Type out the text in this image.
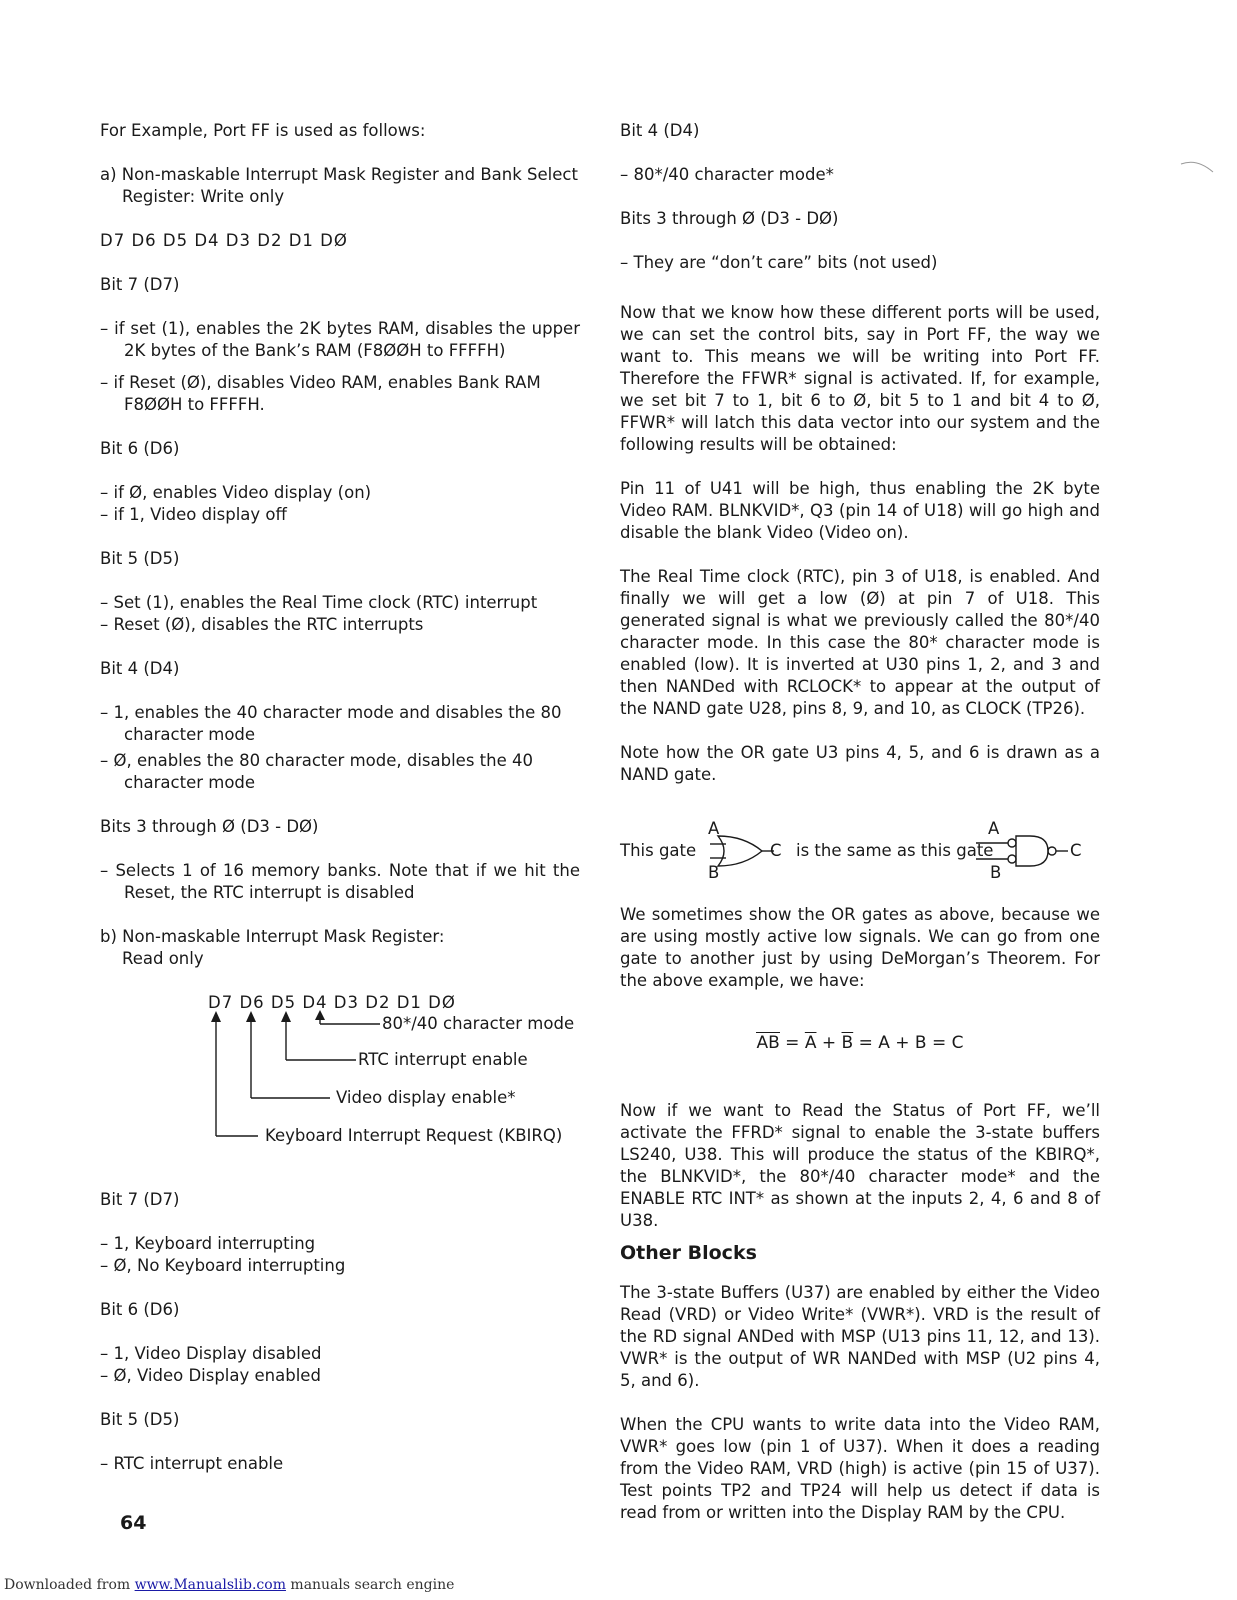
For Example, Port FF is used as follows:

a) Non-maskable Interrupt Mask Register and Bank Select Register: Write only

D7 D6 D5 D4 D3 D2 D1 DØ

Bit 7 (D7)

– if set (1), enables the 2K bytes RAM, disables the upper 2K bytes of the Bank’s RAM (F8ØØH to FFFFH)

– if Reset (Ø), disables Video RAM, enables Bank RAM F8ØØH to FFFFH.

Bit 6 (D6)

– if Ø, enables Video display (on)

– if 1, Video display off

Bit 5 (D5)

– Set (1), enables the Real Time clock (RTC) interrupt

– Reset (Ø), disables the RTC interrupts

Bit 4 (D4)

– 1, enables the 40 character mode and disables the 80 character mode

– Ø, enables the 80 character mode, disables the 40 character mode

Bits 3 through Ø (D3 - DØ)

– Selects 1 of 16 memory banks. Note that if we hit the Reset, the RTC interrupt is disabled

b) Non-maskable Interrupt Mask Register:

Read only

D7 D6 D5 D4 D3 D2 D1 DØ
80*/40 character mode
RTC interrupt enable
Video display enable*
Keyboard Interrupt Request (KBIRQ)

Bit 7 (D7)

– 1, Keyboard interrupting

– Ø, No Keyboard interrupting

Bit 6 (D6)

– 1, Video Display disabled

– Ø, Video Display enabled

Bit 5 (D5)

– RTC interrupt enable

Bit 4 (D4)

– 80*/40 character mode*

Bits 3 through Ø (D3 - DØ)

– They are “don’t care” bits (not used)

Now that we know how these different ports will be used, we can set the control bits, say in Port FF, the way we want to. This means we will be writing into Port FF. Therefore the FFWR* signal is activated. If, for example, we set bit 7 to 1, bit 6 to Ø, bit 5 to 1 and bit 4 to Ø, FFWR* will latch this data vector into our system and the following results will be obtained:

Pin 11 of U41 will be high, thus enabling the 2K byte Video RAM. BLNKVID*, Q3 (pin 14 of U18) will go high and disable the blank Video (Video on).

The Real Time clock (RTC), pin 3 of U18, is enabled. And finally we will get a low (Ø) at pin 7 of U18. This generated signal is what we previously called the 80*/40 character mode. In this case the 80* character mode is enabled (low). It is inverted at U30 pins 1, 2, and 3 and then NANDed with RCLOCK* to appear at the output of the NAND gate U28, pins 8, 9, and 10, as CLOCK (TP26).

Note how the OR gate U3 pins 4, 5, and 6 is drawn as a NAND gate.

This gate
A
B
C is the same as this gate
A
B
C

We sometimes show the OR gates as above, because we are using mostly active low signals. We can go from one gate to another just by using DeMorgan’s Theorem. For the above example, we have:

$\overline{AB} = \overline{A} + \overline{B} = A + B = C$

Now if we want to Read the Status of Port FF, we’ll activate the FFRD* signal to enable the 3-state buffers LS240, U38. This will produce the status of the KBIRQ*, the BLNKVID*, the 80*/40 character mode* and the ENABLE RTC INT* as shown at the inputs 2, 4, 6 and 8 of U38.

Other Blocks

The 3-state Buffers (U37) are enabled by either the Video Read (VRD) or Video Write* (VWR*). VRD is the result of the RD signal ANDed with MSP (U13 pins 11, 12, and 13). VWR* is the output of WR NANDed with MSP (U2 pins 4, 5, and 6).

When the CPU wants to write data into the Video RAM, VWR* goes low (pin 1 of U37). When it does a reading from the Video RAM, VRD (high) is active (pin 15 of U37). Test points TP2 and TP24 will help us detect if data is read from or written into the Display RAM by the CPU.

64
Downloaded from www.Manualslib.com manuals search engine
